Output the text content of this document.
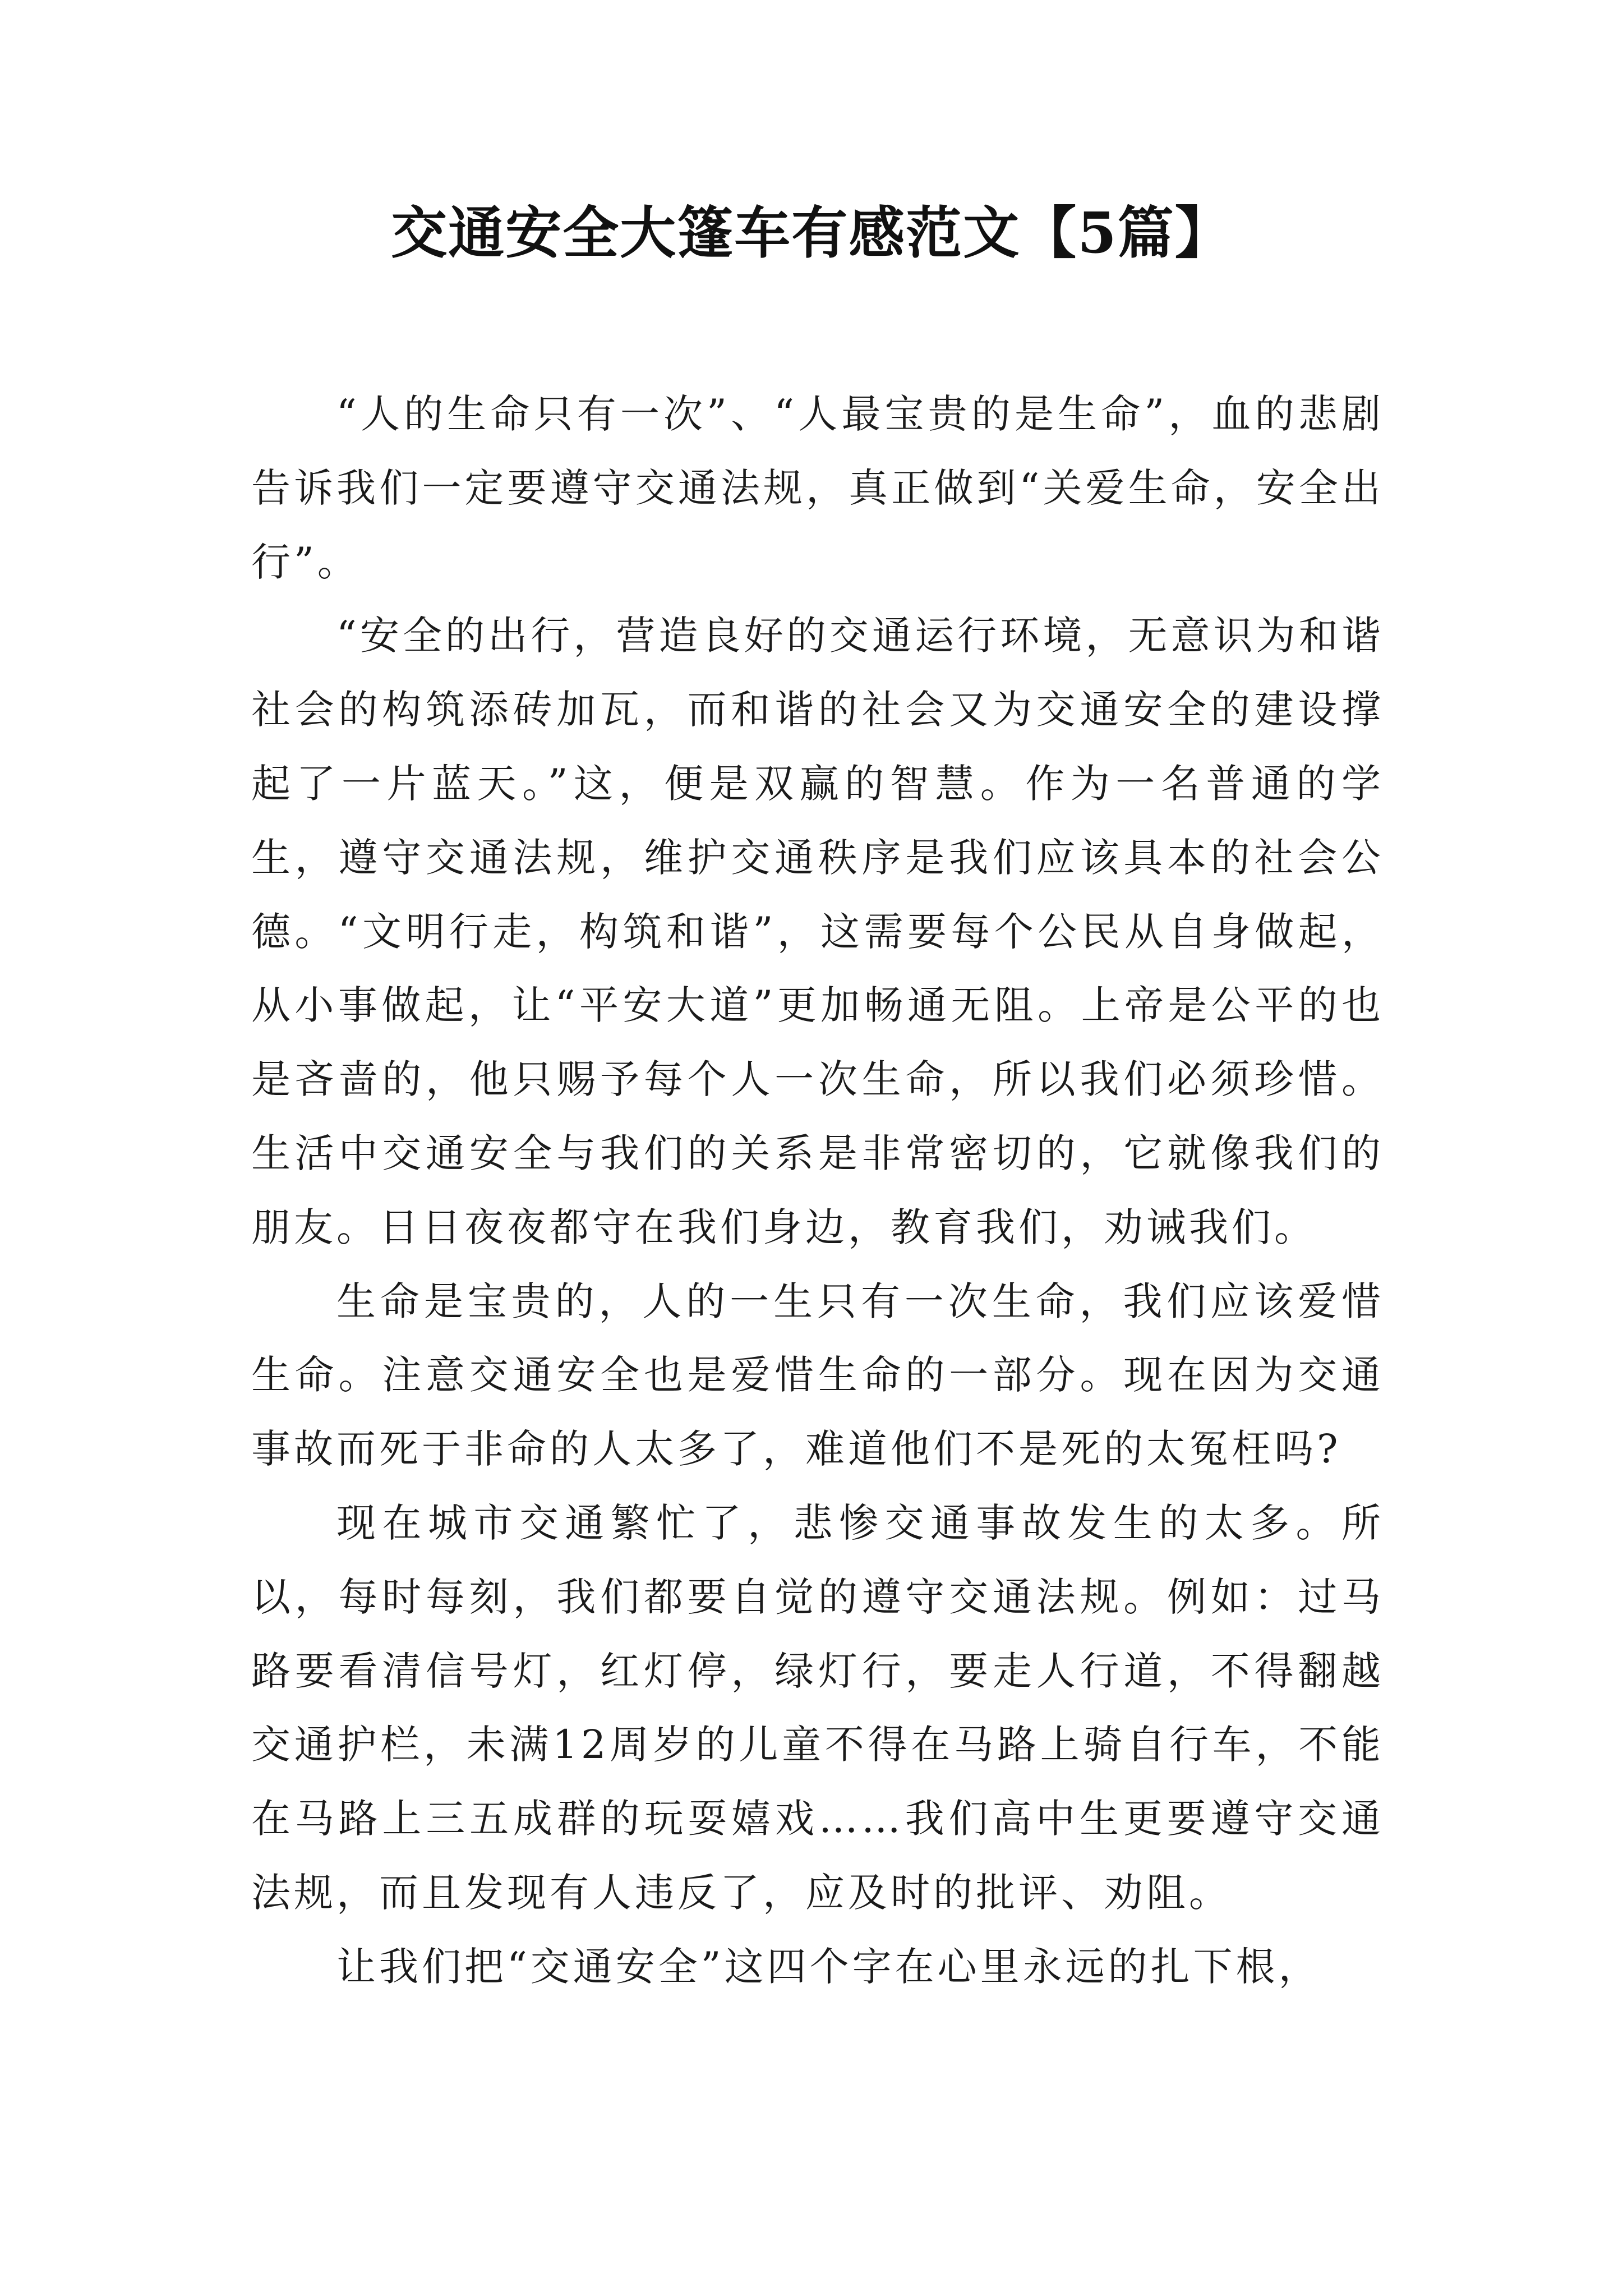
交通安全大篷车有感范文【5篇】

“人的生命只有一次”、“人最宝贵的是生命”，血的悲剧告诉我们一定要遵守交通法规，真正做到“关爱生命，安全出行”。

“安全的出行，营造良好的交通运行环境，无意识为和谐社会的构筑添砖加瓦，而和谐的社会又为交通安全的建设撑起了一片蓝天。”这，便是双赢的智慧。作为一名普通的学生，遵守交通法规，维护交通秩序是我们应该具本的社会公德。“文明行走，构筑和谐”，这需要每个公民从自身做起，从小事做起，让“平安大道”更加畅通无阻。上帝是公平的也是吝啬的，他只赐予每个人一次生命，所以我们必须珍惜。生活中交通安全与我们的关系是非常密切的，它就像我们的朋友。日日夜夜都守在我们身边，教育我们，劝诫我们。

生命是宝贵的，人的一生只有一次生命，我们应该爱惜生命。注意交通安全也是爱惜生命的一部分。现在因为交通事故而死于非命的人太多了，难道他们不是死的太冤枉吗?

现在城市交通繁忙了，悲惨交通事故发生的太多。所以，每时每刻，我们都要自觉的遵守交通法规。例如：过马路要看清信号灯，红灯停，绿灯行，要走人行道，不得翻越交通护栏，未满12周岁的儿童不得在马路上骑自行车，不能在马路上三五成群的玩耍嬉戏……我们高中生更要遵守交通法规，而且发现有人违反了，应及时的批评、劝阻。

让我们把“交通安全”这四个字在心里永远的扎下根，
